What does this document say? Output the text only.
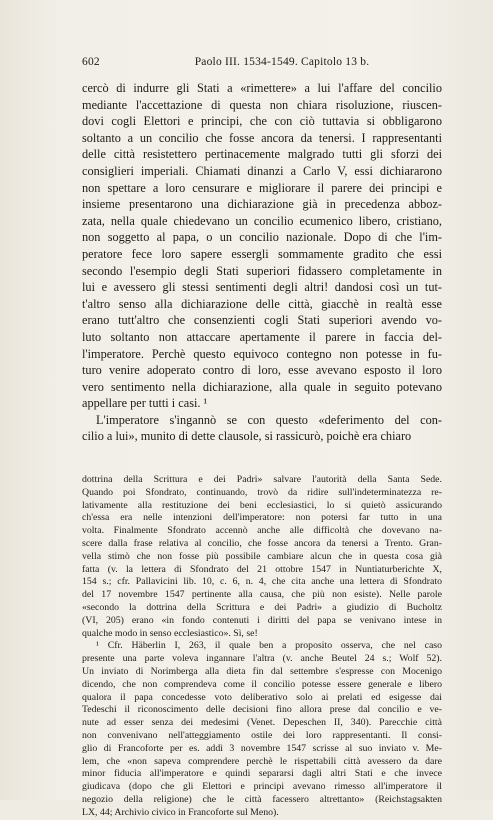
602	Paolo III. 1534-1549. Capitolo 13 b.

cercò di indurre gli Stati a «rimettere» a lui l'affare del concilio
mediante l'accettazione di questa non chiara risoluzione, riuscen-
dovi cogli Elettori e principi, che con ciò tuttavia si obbligarono
soltanto a un concilio che fosse ancora da tenersi. I rappresentanti
delle città resistettero pertinacemente malgrado tutti gli sforzi dei
consiglieri imperiali. Chiamati dinanzi a Carlo V, essi dichiararono
non spettare a loro censurare e migliorare il parere dei principi e
insieme presentarono una dichiarazione già in precedenza abboz-
zata, nella quale chiedevano un concilio ecumenico libero, cristiano,
non soggetto al papa, o un concilio nazionale. Dopo di che l'im-
peratore fece loro sapere essergli sommamente gradito che essi
secondo l'esempio degli Stati superiori fidassero completamente in
lui e avessero gli stessi sentimenti degli altri! dandosi così un tut-
t'altro senso alla dichiarazione delle città, giacchè in realtà esse
erano tutt'altro che consenzienti cogli Stati superiori avendo vo-
luto soltanto non attaccare apertamente il parere in faccia del-
l'imperatore. Perchè questo equivoco contegno non potesse in fu-
turo venire adoperato contro di loro, esse avevano esposto il loro
vero sentimento nella dichiarazione, alla quale in seguito potevano
appellare per tutti i casi. ¹

L'imperatore s'ingannò se con questo «deferimento del con-
cilio a lui», munito di dette clausole, si rassicurò, poichè era chiaro

dottrina della Scrittura e dei Padri» salvare l'autorità della Santa Sede.
Quando poi Sfondrato, continuando, trovò da ridire sull'indeterminatezza re-
lativamente alla restituzione dei beni ecclesiastici, lo si quietò assicurando
ch'essa era nelle intenzioni dell'imperatore: non potersi far tutto in una
volta. Finalmente Sfondrato accennò anche alle difficoltà che dovevano na-
scere dalla frase relativa al concilio, che fosse ancora da tenersi a Trento. Gran-
vella stimò che non fosse più possibile cambiare alcun che in questa cosa già
fatta (v. la lettera di Sfondrato del 21 ottobre 1547 in Nuntiaturberichte X,
154 s.; cfr. Pallavicini lib. 10, c. 6, n. 4, che cita anche una lettera di Sfondrato
del 17 novembre 1547 pertinente alla causa, che più non esiste). Nelle parole
«secondo la dottrina della Scrittura e dei Padri» a giudizio di Bucholtz
(VI, 205) erano «in fondo contenuti i diritti del papa se venivano intese in
qualche modo in senso ecclesiastico». Sì, se!
¹ Cfr. Häberlin I, 263, il quale ben a proposito osserva, che nel caso
presente una parte voleva ingannare l'altra (v. anche Beutel 24 s.; Wolf 52).
Un inviato di Norimberga alla dieta fin dal settembre s'espresse con Mocenigo
dicendo, che non comprendeva come il concilio potesse essere generale e libero
qualora il papa concedesse voto deliberativo solo ai prelati ed esigesse dai
Tedeschi il riconoscimento delle decisioni fino allora prese dal concilio e ve-
nute ad esser senza dei medesimi (Venet. Depeschen II, 340). Parecchie città
non convenivano nell'atteggiamento ostile dei loro rappresentanti. Il consi-
glio di Francoforte per es. addì 3 novembre 1547 scrisse al suo inviato v. Me-
lem, che «non sapeva comprendere perchè le rispettabili città avessero da dare
minor fiducia all'imperatore e quindi separarsi dagli altri Stati e che invece
giudicava (dopo che gli Elettori e principi avevano rimesso all'imperatore il
negozio della religione) che le città facessero altrettanto» (Reichstagsakten
LX, 44; Archivio civico in Francoforte sul Meno).
